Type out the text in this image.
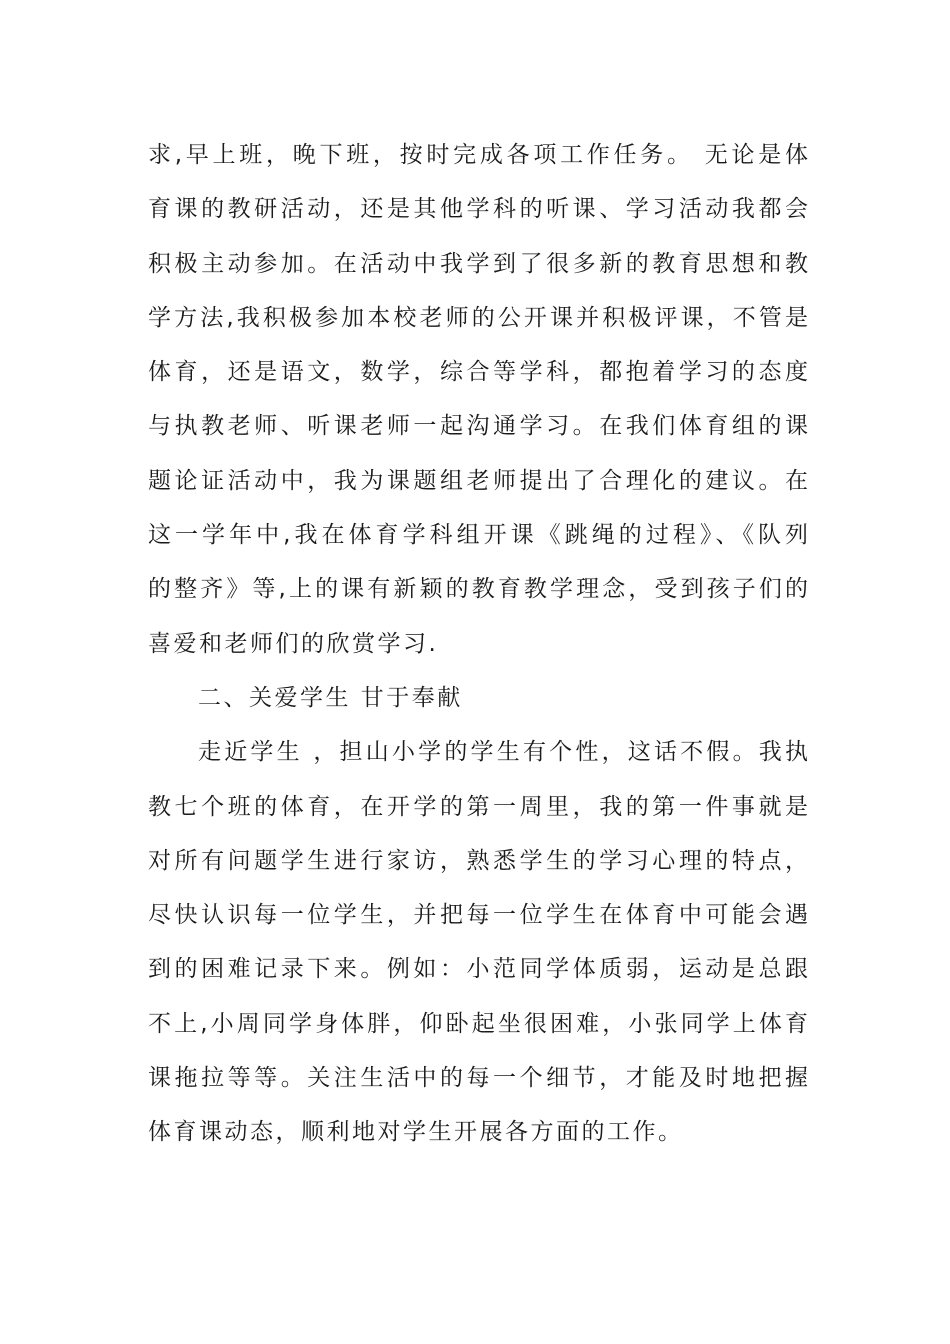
求,早上班，晚下班，按时完成各项工作任务。 无论是体
育课的教研活动，还是其他学科的听课、学习活动我都会
积极主动参加。在活动中我学到了很多新的教育思想和教
学方法,我积极参加本校老师的公开课并积极评课，不管是
体育，还是语文，数学，综合等学科，都抱着学习的态度
与执教老师、听课老师一起沟通学习。在我们体育组的课
题论证活动中，我为课题组老师提出了合理化的建议。在
这一学年中,我在体育学科组开课《跳绳的过程》、《队列
的整齐》等,上的课有新颖的教育教学理念，受到孩子们的
喜爱和老师们的欣赏学习.
二、关爱学生 甘于奉献
走近学生 ，担山小学的学生有个性，这话不假。我执
教七个班的体育，在开学的第一周里，我的第一件事就是
对所有问题学生进行家访，熟悉学生的学习心理的特点，
尽快认识每一位学生，并把每一位学生在体育中可能会遇
到的困难记录下来。例如：小范同学体质弱，运动是总跟
不上,小周同学身体胖，仰卧起坐很困难，小张同学上体育
课拖拉等等。关注生活中的每一个细节，才能及时地把握
体育课动态，顺利地对学生开展各方面的工作。
